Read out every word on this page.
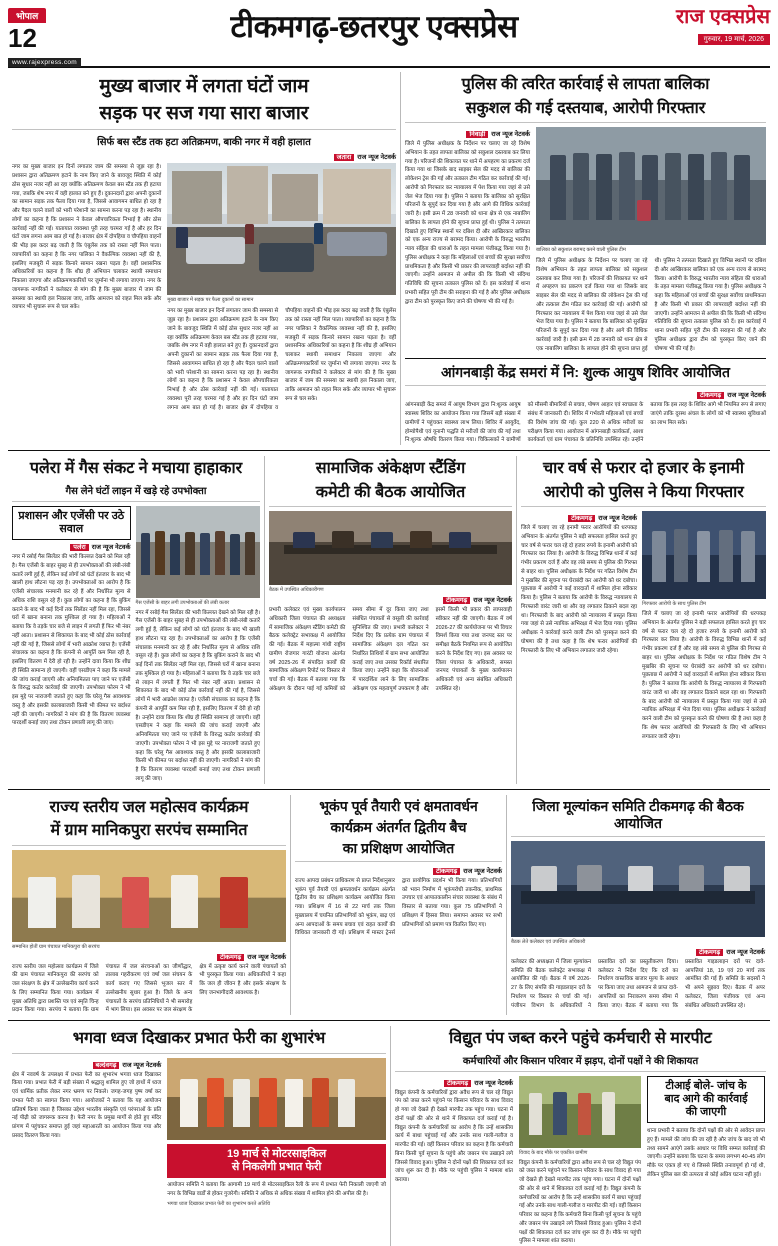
भोपाल
12
www.rajexpress.com
टीकमगढ़-छतरपुर एक्सप्रेस	राज एक्सप्रेस
गुरुवार, 19 मार्च, 2026
मुख्य बाजार में लगता घंटों जाम
सड़क पर सज गया सारा बाजार
सिर्फ बस स्टैंड तक हटा अतिक्रमण, बाकी नगर में वही हालात
जतारा राज न्यूज नेटवर्क
नगर का मुख्य बाजार इन दिनों लगातार जाम की समस्या से जूझ रहा है। प्रशासन द्वारा अतिक्रमण हटाने के नाम किए जाने के बावजूद स्थिति में कोई ठोस सुधार नजर नहीं आ रहा क्योंकि अतिक्रमण केवल बस स्टैंड तक ही हटाया गया, जबकि शेष नगर में वही हालात बने हुए हैं। दुकानदारों द्वारा अपनी दुकानों का सामान सड़क तक फैला दिया गया है, जिससे आवागमन बाधित हो रहा है और पैदल चलने वालों को भारी परेशानी का सामना करना पड़ रहा है। स्थानीय लोगों का कहना है कि प्रशासन ने केवल औपचारिकता निभाई है और ठोस कार्रवाई नहीं की गई। यातायात व्यवस्था पूरी तरह चरमरा गई है और हर दिन घंटों जाम लगना आम बात हो गई है। बाजार क्षेत्र में दोपहिया व चौपहिया वाहनों की भीड़ इस कदर बढ़ जाती है कि एंबुलेंस तक को रास्ता नहीं मिल पाता। व्यापारियों का कहना है कि नगर पालिका ने वैकल्पिक व्यवस्था नहीं की है, इसलिए मजबूरी में सड़क किनारे सामान रखना पड़ता है। वहीं प्रशासनिक अधिकारियों का कहना है कि शीघ्र ही अभियान चलाकर स्थायी समाधान निकाला जाएगा और अतिक्रमणकारियों पर जुर्माना भी लगाया जाएगा। नगर के जागरूक नागरिकों ने कलेक्टर से मांग की है कि मुख्य बाजार में जाम की समस्या का स्थायी हल निकाला जाए, ताकि आमजन को राहत मिल सके और व्यापार भी सुचारू रूप से चल सके।
मुख्य बाजार में सड़क पर फैला दुकानों का सामान
नगर का मुख्य बाजार इन दिनों लगातार जाम की समस्या से जूझ रहा है। प्रशासन द्वारा अतिक्रमण हटाने के नाम किए जाने के बावजूद स्थिति में कोई ठोस सुधार नजर नहीं आ रहा क्योंकि अतिक्रमण केवल बस स्टैंड तक ही हटाया गया, जबकि शेष नगर में वही हालात बने हुए हैं। दुकानदारों द्वारा अपनी दुकानों का सामान सड़क तक फैला दिया गया है, जिससे आवागमन बाधित हो रहा है और पैदल चलने वालों को भारी परेशानी का सामना करना पड़ रहा है। स्थानीय लोगों का कहना है कि प्रशासन ने केवल औपचारिकता निभाई है और ठोस कार्रवाई नहीं की गई। यातायात व्यवस्था पूरी तरह चरमरा गई है और हर दिन घंटों जाम लगना आम बात हो गई है। बाजार क्षेत्र में दोपहिया व चौपहिया वाहनों की भीड़ इस कदर बढ़ जाती है कि एंबुलेंस तक को रास्ता नहीं मिल पाता। व्यापारियों का कहना है कि नगर पालिका ने वैकल्पिक व्यवस्था नहीं की है, इसलिए मजबूरी में सड़क किनारे सामान रखना पड़ता है। वहीं प्रशासनिक अधिकारियों का कहना है कि शीघ्र ही अभियान चलाकर स्थायी समाधान निकाला जाएगा और अतिक्रमणकारियों पर जुर्माना भी लगाया जाएगा। नगर के जागरूक नागरिकों ने कलेक्टर से मांग की है कि मुख्य बाजार में जाम की समस्या का स्थायी हल निकाला जाए, ताकि आमजन को राहत मिल सके और व्यापार भी सुचारू रूप से चल सके।
पुलिस की त्वरित कार्रवाई से लापता बालिका
सकुशल की गई दस्तयाब, आरोपी गिरफ्तार
निवाड़ी राज न्यूज नेटवर्क
जिले में पुलिस अधीक्षक के निर्देशन पर चलाए जा रहे विशेष अभियान के तहत लापता बालिका को सकुशल दस्तयाब कर लिया गया है। परिजनों की शिकायत पर थाने में अपहरण का प्रकरण दर्ज किया गया था जिसके बाद साइबर सेल की मदद से बालिका की लोकेशन ट्रेस की गई और तत्काल टीम गठित कर कार्रवाई की गई। आरोपी को गिरफ्तार कर न्यायालय में पेश किया गया जहां से उसे जेल भेज दिया गया है। पुलिस ने बताया कि बालिका को सुरक्षित परिजनों के सुपुर्द कर दिया गया है और आगे की विधिक कार्रवाई जारी है। इसी क्रम में 28 जनवरी को थाना क्षेत्र से एक नाबालिग बालिका के लापता होने की सूचना प्राप्त हुई थी। पुलिस ने तत्परता दिखाते हुए विभिन्न स्थानों पर दबिश दी और आखिरकार बालिका को एक अन्य राज्य से बरामद किया। आरोपी के विरुद्ध भारतीय न्याय संहिता की धाराओं के तहत मामला पंजीबद्ध किया गया है। पुलिस अधीक्षक ने कहा कि महिलाओं एवं बच्चों की सुरक्षा सर्वोच्च प्राथमिकता है और किसी भी प्रकार की लापरवाही बर्दाश्त नहीं की जाएगी। उन्होंने आमजन से अपील की कि किसी भी संदिग्ध गतिविधि की सूचना तत्काल पुलिस को दें। इस कार्रवाई में थाना प्रभारी सहित पूरी टीम की सराहना की गई है और पुलिस अधीक्षक द्वारा टीम को पुरस्कृत किए जाने की घोषणा भी की गई है।
बालिका को सकुशल बरामद करने वाली पुलिस टीम
जिले में पुलिस अधीक्षक के निर्देशन पर चलाए जा रहे विशेष अभियान के तहत लापता बालिका को सकुशल दस्तयाब कर लिया गया है। परिजनों की शिकायत पर थाने में अपहरण का प्रकरण दर्ज किया गया था जिसके बाद साइबर सेल की मदद से बालिका की लोकेशन ट्रेस की गई और तत्काल टीम गठित कर कार्रवाई की गई। आरोपी को गिरफ्तार कर न्यायालय में पेश किया गया जहां से उसे जेल भेज दिया गया है। पुलिस ने बताया कि बालिका को सुरक्षित परिजनों के सुपुर्द कर दिया गया है और आगे की विधिक कार्रवाई जारी है। इसी क्रम में 28 जनवरी को थाना क्षेत्र से एक नाबालिग बालिका के लापता होने की सूचना प्राप्त हुई थी। पुलिस ने तत्परता दिखाते हुए विभिन्न स्थानों पर दबिश दी और आखिरकार बालिका को एक अन्य राज्य से बरामद किया। आरोपी के विरुद्ध भारतीय न्याय संहिता की धाराओं के तहत मामला पंजीबद्ध किया गया है। पुलिस अधीक्षक ने कहा कि महिलाओं एवं बच्चों की सुरक्षा सर्वोच्च प्राथमिकता है और किसी भी प्रकार की लापरवाही बर्दाश्त नहीं की जाएगी। उन्होंने आमजन से अपील की कि किसी भी संदिग्ध गतिविधि की सूचना तत्काल पुलिस को दें। इस कार्रवाई में थाना प्रभारी सहित पूरी टीम की सराहना की गई है और पुलिस अधीक्षक द्वारा टीम को पुरस्कृत किए जाने की घोषणा भी की गई है।
आंगनबाड़ी केंद्र समरां में नि: शुल्क आयुष शिविर आयोजित
टीकमगढ़ राज न्यूज नेटवर्क
आंगनबाड़ी केंद्र समरां में आयुष विभाग द्वारा नि:शुल्क आयुष स्वास्थ्य शिविर का आयोजन किया गया जिसमें बड़ी संख्या में ग्रामीणों ने पहुंचकर स्वास्थ्य लाभ लिया। शिविर में आयुर्वेद, होम्योपैथी एवं यूनानी पद्धति से मरीजों की जांच की गई तथा नि:शुल्क औषधि वितरण किया गया। चिकित्सकों ने ग्रामीणों को मौसमी बीमारियों से बचाव, पोषण आहार एवं स्वच्छता के संबंध में जानकारी दी। शिविर में गर्भवती महिलाओं एवं बच्चों की विशेष जांच की गई। कुल 220 से अधिक मरीजों का परीक्षण किया गया। आयोजन में आंगनबाड़ी कार्यकर्ता, आशा कार्यकर्ता एवं ग्राम पंचायत के प्रतिनिधि उपस्थित रहे। उन्होंने बताया कि इस तरह के शिविर आगे भी नियमित रूप से लगाए जाएंगे ताकि दूरस्थ अंचल के लोगों को भी स्वास्थ्य सुविधाओं का लाभ मिल सके।
पलेरा में गैस संकट ने मचाया हाहाकार
गैस लेने घंटों लाइन में खड़े रहे उपभोक्ता
प्रशासन और एजेंसी पर उठे सवाल
पलेरा राज न्यूज नेटवर्क
नगर में रसोई गैस सिलेंडर की भारी किल्लत देखने को मिल रही है। गैस एजेंसी के बाहर सुबह से ही उपभोक्ताओं की लंबी-लंबी कतारें लगी हुई हैं, लेकिन कई लोगों को घंटों इंतजार के बाद भी खाली हाथ लौटना पड़ रहा है। उपभोक्ताओं का आरोप है कि एजेंसी संचालक मनमानी कर रहे हैं और निर्धारित मूल्य से अधिक राशि वसूल रहे हैं। कुछ लोगों का कहना है कि बुकिंग कराने के बाद भी कई दिनों तक सिलेंडर नहीं मिल रहा, जिससे घरों में खाना बनाना तक मुश्किल हो गया है। महिलाओं ने बताया कि वे तड़के चार बजे से लाइन में लगती हैं फिर भी नंबर नहीं आता। प्रशासन से शिकायत के बाद भी कोई ठोस कार्रवाई नहीं की गई है, जिससे लोगों में भारी आक्रोश व्याप्त है। एजेंसी संचालक का कहना है कि कंपनी से आपूर्ति कम मिल रही है, इसलिए वितरण में देरी हो रही है। उन्होंने दावा किया कि शीघ्र ही स्थिति सामान्य हो जाएगी। वहीं एसडीएम ने कहा कि मामले की जांच कराई जाएगी और अनियमितता पाए जाने पर एजेंसी के विरुद्ध कठोर कार्रवाई की जाएगी। उपभोक्ता फोरम ने भी इस मुद्दे पर नाराजगी जताते हुए कहा कि घरेलू गैस आवश्यक वस्तु है और इसकी कालाबाजारी किसी भी कीमत पर बर्दाश्त नहीं की जाएगी। नागरिकों ने मांग की है कि वितरण व्यवस्था पारदर्शी बनाई जाए तथा टोकन प्रणाली लागू की जाए।
गैस एजेंसी के बाहर लगी उपभोक्ताओं की लंबी कतार
नगर में रसोई गैस सिलेंडर की भारी किल्लत देखने को मिल रही है। गैस एजेंसी के बाहर सुबह से ही उपभोक्ताओं की लंबी-लंबी कतारें लगी हुई हैं, लेकिन कई लोगों को घंटों इंतजार के बाद भी खाली हाथ लौटना पड़ रहा है। उपभोक्ताओं का आरोप है कि एजेंसी संचालक मनमानी कर रहे हैं और निर्धारित मूल्य से अधिक राशि वसूल रहे हैं। कुछ लोगों का कहना है कि बुकिंग कराने के बाद भी कई दिनों तक सिलेंडर नहीं मिल रहा, जिससे घरों में खाना बनाना तक मुश्किल हो गया है। महिलाओं ने बताया कि वे तड़के चार बजे से लाइन में लगती हैं फिर भी नंबर नहीं आता। प्रशासन से शिकायत के बाद भी कोई ठोस कार्रवाई नहीं की गई है, जिससे लोगों में भारी आक्रोश व्याप्त है। एजेंसी संचालक का कहना है कि कंपनी से आपूर्ति कम मिल रही है, इसलिए वितरण में देरी हो रही है। उन्होंने दावा किया कि शीघ्र ही स्थिति सामान्य हो जाएगी। वहीं एसडीएम ने कहा कि मामले की जांच कराई जाएगी और अनियमितता पाए जाने पर एजेंसी के विरुद्ध कठोर कार्रवाई की जाएगी। उपभोक्ता फोरम ने भी इस मुद्दे पर नाराजगी जताते हुए कहा कि घरेलू गैस आवश्यक वस्तु है और इसकी कालाबाजारी किसी भी कीमत पर बर्दाश्त नहीं की जाएगी। नागरिकों ने मांग की है कि वितरण व्यवस्था पारदर्शी बनाई जाए तथा टोकन प्रणाली लागू की जाए।
सामाजिक अंकेक्षण स्टैंडिंग
कमेटी की बैठक आयोजित
बैठक में उपस्थित अधिकारीगण
टीकमगढ़ राज न्यूज नेटवर्क
प्रभारी कलेक्टर एवं मुख्य कार्यपालन अधिकारी जिला पंचायत की अध्यक्षता में सामाजिक अंकेक्षण स्टैंडिंग कमेटी की बैठक कलेक्ट्रेट सभाकक्ष में आयोजित की गई। बैठक में महात्मा गांधी राष्ट्रीय ग्रामीण रोजगार गारंटी योजना अंतर्गत वर्ष 2025-26 में संपादित कार्यों की सामाजिक अंकेक्षण रिपोर्ट पर विस्तार से चर्चा की गई। बैठक में बताया गया कि अंकेक्षण के दौरान पाई गई कमियों को समय सीमा में दूर किया जाए तथा संबंधित पंचायतों से वसूली की कार्रवाई सुनिश्चित की जाए। प्रभारी कलेक्टर ने निर्देश दिए कि प्रत्येक ग्राम पंचायत में सामाजिक अंकेक्षण दल गठित कर निर्धारित तिथियों में ग्राम सभा आयोजित कराई जाए तथा उसका रिकॉर्ड संधारित किया जाए। उन्होंने कहा कि योजनाओं में पारदर्शिता लाने के लिए सामाजिक अंकेक्षण एक महत्वपूर्ण उपकरण है और इसमें किसी भी प्रकार की लापरवाही स्वीकार नहीं की जाएगी। बैठक में वर्ष 2026-27 की कार्ययोजना पर भी विचार विमर्श किया गया तथा जनपद स्तर पर समीक्षा बैठकें नियमित रूप से आयोजित करने के निर्देश दिए गए। इस अवसर पर जिला पंचायत के अधिकारी, समस्त जनपद पंचायतों के मुख्य कार्यपालन अधिकारी एवं अन्य संबंधित अधिकारी उपस्थित रहे।
चार वर्ष से फरार दो हजार के इनामी
आरोपी को पुलिस ने किया गिरफ्तार
टीकमगढ़ राज न्यूज नेटवर्क
जिले में चलाए जा रहे इनामी फरार आरोपियों की धरपकड़ अभियान के अंतर्गत पुलिस ने बड़ी सफलता हासिल करते हुए चार वर्ष से फरार चल रहे दो हजार रुपये के इनामी आरोपी को गिरफ्तार कर लिया है। आरोपी के विरुद्ध विभिन्न थानों में कई गंभीर प्रकरण दर्ज हैं और वह लंबे समय से पुलिस की गिरफ्त से बाहर था। पुलिस अधीक्षक के निर्देश पर गठित विशेष टीम ने मुखबिर की सूचना पर घेराबंदी कर आरोपी को धर दबोचा। पूछताछ में आरोपी ने कई वारदातों में शामिल होना स्वीकार किया है। पुलिस ने बताया कि आरोपी के विरुद्ध न्यायालय से गिरफ्तारी वारंट जारी था और वह लगातार ठिकाने बदल रहा था। गिरफ्तारी के बाद आरोपी को न्यायालय में प्रस्तुत किया गया जहां से उसे न्यायिक अभिरक्षा में भेज दिया गया। पुलिस अधीक्षक ने कार्रवाई करने वाली टीम को पुरस्कृत करने की घोषणा की है तथा कहा है कि शेष फरार आरोपियों की गिरफ्तारी के लिए भी अभियान लगातार जारी रहेगा।
गिरफ्तार आरोपी के साथ पुलिस टीम
जिले में चलाए जा रहे इनामी फरार आरोपियों की धरपकड़ अभियान के अंतर्गत पुलिस ने बड़ी सफलता हासिल करते हुए चार वर्ष से फरार चल रहे दो हजार रुपये के इनामी आरोपी को गिरफ्तार कर लिया है। आरोपी के विरुद्ध विभिन्न थानों में कई गंभीर प्रकरण दर्ज हैं और वह लंबे समय से पुलिस की गिरफ्त से बाहर था। पुलिस अधीक्षक के निर्देश पर गठित विशेष टीम ने मुखबिर की सूचना पर घेराबंदी कर आरोपी को धर दबोचा। पूछताछ में आरोपी ने कई वारदातों में शामिल होना स्वीकार किया है। पुलिस ने बताया कि आरोपी के विरुद्ध न्यायालय से गिरफ्तारी वारंट जारी था और वह लगातार ठिकाने बदल रहा था। गिरफ्तारी के बाद आरोपी को न्यायालय में प्रस्तुत किया गया जहां से उसे न्यायिक अभिरक्षा में भेज दिया गया। पुलिस अधीक्षक ने कार्रवाई करने वाली टीम को पुरस्कृत करने की घोषणा की है तथा कहा है कि शेष फरार आरोपियों की गिरफ्तारी के लिए भी अभियान लगातार जारी रहेगा।
राज्य स्तरीय जल महोत्सव कार्यक्रम
में ग्राम मानिकपुरा सरपंच सम्मानित
सम्मानित होतीं ग्राम पंचायत मानिकपुरा की सरपंच
टीकमगढ़ राज न्यूज नेटवर्क
राज्य स्तरीय जल महोत्सव कार्यक्रम में जिले की ग्राम पंचायत मानिकपुरा की सरपंच को जल संरक्षण के क्षेत्र में उल्लेखनीय कार्य करने के लिए सम्मानित किया गया। कार्यक्रम में मुख्य अतिथि द्वारा प्रशस्ति पत्र एवं स्मृति चिन्ह प्रदान किया गया। सरपंच ने बताया कि ग्राम पंचायत में जल संरचनाओं का जीर्णोद्धार, तालाब गहरीकरण एवं वर्षा जल संचयन के कार्य कराए गए जिससे भूजल स्तर में उल्लेखनीय सुधार हुआ है। जिले के अन्य पंचायतों के सरपंच प्रतिनिधियों ने भी समारोह में भाग लिया। इस अवसर पर जल संरक्षण के क्षेत्र में उत्कृष्ट कार्य करने वाली पंचायतों को भी पुरस्कृत किया गया। अधिकारियों ने कहा कि जल ही जीवन है और इसके संरक्षण के लिए जनभागीदारी आवश्यक है।
भूकंप पूर्व तैयारी एवं क्षमतावर्धन
कार्यक्रम अंतर्गत द्वितीय बैच
का प्रशिक्षण आयोजित
टीकमगढ़ राज न्यूज नेटवर्क
राज्य आपदा प्रबंधन प्राधिकरण से प्राप्त निर्देशानुसार भूकंप पूर्व तैयारी एवं क्षमतावर्धन कार्यक्रम अंतर्गत द्वितीय बैच का प्रशिक्षण कार्यक्रम आयोजित किया गया। प्रशिक्षण में 16 से 22 मार्च तक जिला मुख्यालय में चयनित प्रतिभागियों को भूकंप, बाढ़ एवं अन्य आपदाओं के समय बचाव एवं राहत कार्यों की विधिवत जानकारी दी गई। प्रशिक्षण में मास्टर ट्रेनर्स द्वारा प्रायोगिक प्रदर्शन भी किया गया। प्रतिभागियों को भवन निर्माण में भूकंपरोधी तकनीक, प्राथमिक उपचार एवं आपातकालीन संचार व्यवस्था के संबंध में विस्तार से बताया गया। कुल 75 प्रतिभागियों ने प्रशिक्षण में हिस्सा लिया। समापन अवसर पर सभी प्रतिभागियों को प्रमाण पत्र वितरित किए गए।
जिला मूल्यांकन समिति टीकमगढ़ की बैठक आयोजित
बैठक लेते कलेक्टर एवं उपस्थित अधिकारी
टीकमगढ़ राज न्यूज नेटवर्क
कलेक्टर की अध्यक्षता में जिला मूल्यांकन समिति की बैठक कलेक्ट्रेट सभाकक्ष में आयोजित की गई। बैठक में वर्ष 2026-27 के लिए संपत्ति की गाइडलाइन दरों के निर्धारण पर विस्तार से चर्चा की गई। पंजीयन विभाग के अधिकारियों ने प्रस्तावित दरों का प्रस्तुतीकरण दिया। कलेक्टर ने निर्देश दिए कि दरों का निर्धारण वास्तविक बाजार मूल्य के आधार पर किया जाए तथा आमजन से प्राप्त दावे-आपत्तियों का निराकरण समय सीमा में किया जाए। बैठक में बताया गया कि प्रस्तावित गाइडलाइन दरों पर दावे-आपत्तियां 18, 19 एवं 20 मार्च तक आमंत्रित की गई हैं। समिति के सदस्यों ने भी अपने सुझाव दिए। बैठक में अपर कलेक्टर, जिला पंजीयक एवं अन्य संबंधित अधिकारी उपस्थित रहे।
भगवा ध्वज दिखाकर प्रभात फेरी का शुभारंभ
बल्देवगढ़ राज न्यूज नेटवर्क
क्षेत्र में नववर्ष के उपलक्ष्य में प्रभात फेरी का शुभारंभ भगवा ध्वज दिखाकर किया गया। प्रभात फेरी में बड़ी संख्या में श्रद्धालु शामिल हुए जो हाथों में ध्वज एवं धार्मिक प्रतीक लेकर नगर भ्रमण पर निकले। जगह-जगह पुष्प वर्षा कर प्रभात फेरी का स्वागत किया गया। आयोजकों ने बताया कि यह आयोजन प्रतिवर्ष किया जाता है जिसका उद्देश्य भारतीय संस्कृति एवं परंपराओं के प्रति नई पीढ़ी को जागरूक करना है। फेरी नगर के प्रमुख मार्गों से होते हुए मंदिर प्रांगण में पहुंचकर समाप्त हुई जहां महाआरती का आयोजन किया गया और प्रसाद वितरण किया गया।
19 मार्च से मोटरसाइकिल
से निकलेगी प्रभात फेरी
आयोजन समिति ने बताया कि आगामी 19 मार्च से मोटरसाइकिल रैली के रूप में प्रभात फेरी निकाली जाएगी जो नगर के विभिन्न वार्डों से होकर गुजरेगी। समिति ने अधिक से अधिक संख्या में शामिल होने की अपील की है।
भगवा ध्वज दिखाकर प्रभात फेरी का शुभारंभ करते अतिथि
विद्युत पंप जब्त करने पहुंचे कर्मचारी से मारपीट
कर्मचारियों और किसान परिवार में झड़प, दोनों पक्षों ने की शिकायत
टीकमगढ़ राज न्यूज नेटवर्क
विद्युत कंपनी के कर्मचारियों द्वारा अवैध रूप से चल रहे विद्युत पंप को जब्त करने पहुंचने पर किसान परिवार के साथ विवाद हो गया जो देखते ही देखते मारपीट तक पहुंच गया। घटना में दोनों पक्षों की ओर से थाने में शिकायत दर्ज कराई गई है। विद्युत कंपनी के कर्मचारियों का आरोप है कि उन्हें शासकीय कार्य में बाधा पहुंचाई गई और उनके साथ गाली-गलौज व मारपीट की गई। वहीं किसान परिवार का कहना है कि कर्मचारी बिना किसी पूर्व सूचना के पहुंचे और जबरन पंप उखाड़ने लगे जिससे विवाद हुआ। पुलिस ने दोनों पक्षों की शिकायत दर्ज कर जांच शुरू कर दी है। मौके पर पहुंची पुलिस ने मामला शांत कराया।
विवाद के बाद मौके पर एकत्रित ग्रामीण
विद्युत कंपनी के कर्मचारियों द्वारा अवैध रूप से चल रहे विद्युत पंप को जब्त करने पहुंचने पर किसान परिवार के साथ विवाद हो गया जो देखते ही देखते मारपीट तक पहुंच गया। घटना में दोनों पक्षों की ओर से थाने में शिकायत दर्ज कराई गई है। विद्युत कंपनी के कर्मचारियों का आरोप है कि उन्हें शासकीय कार्य में बाधा पहुंचाई गई और उनके साथ गाली-गलौज व मारपीट की गई। वहीं किसान परिवार का कहना है कि कर्मचारी बिना किसी पूर्व सूचना के पहुंचे और जबरन पंप उखाड़ने लगे जिससे विवाद हुआ। पुलिस ने दोनों पक्षों की शिकायत दर्ज कर जांच शुरू कर दी है। मौके पर पहुंची पुलिस ने मामला शांत कराया।
टीआई बोले- जांच के
बाद आगे की कार्रवाई
की जाएगी
थाना प्रभारी ने बताया कि दोनों पक्षों की ओर से आवेदन प्राप्त हुए हैं। मामले की जांच की जा रही है और जांच के बाद जो भी तथ्य सामने आएंगे उसके आधार पर विधि सम्मत कार्रवाई की जाएगी। उन्होंने बताया कि घटना के समय लगभग 40-45 लोग मौके पर एकत्र हो गए थे जिससे स्थिति तनावपूर्ण हो गई थी, लेकिन पुलिस बल की तत्परता से कोई अप्रिय घटना नहीं हुई।
